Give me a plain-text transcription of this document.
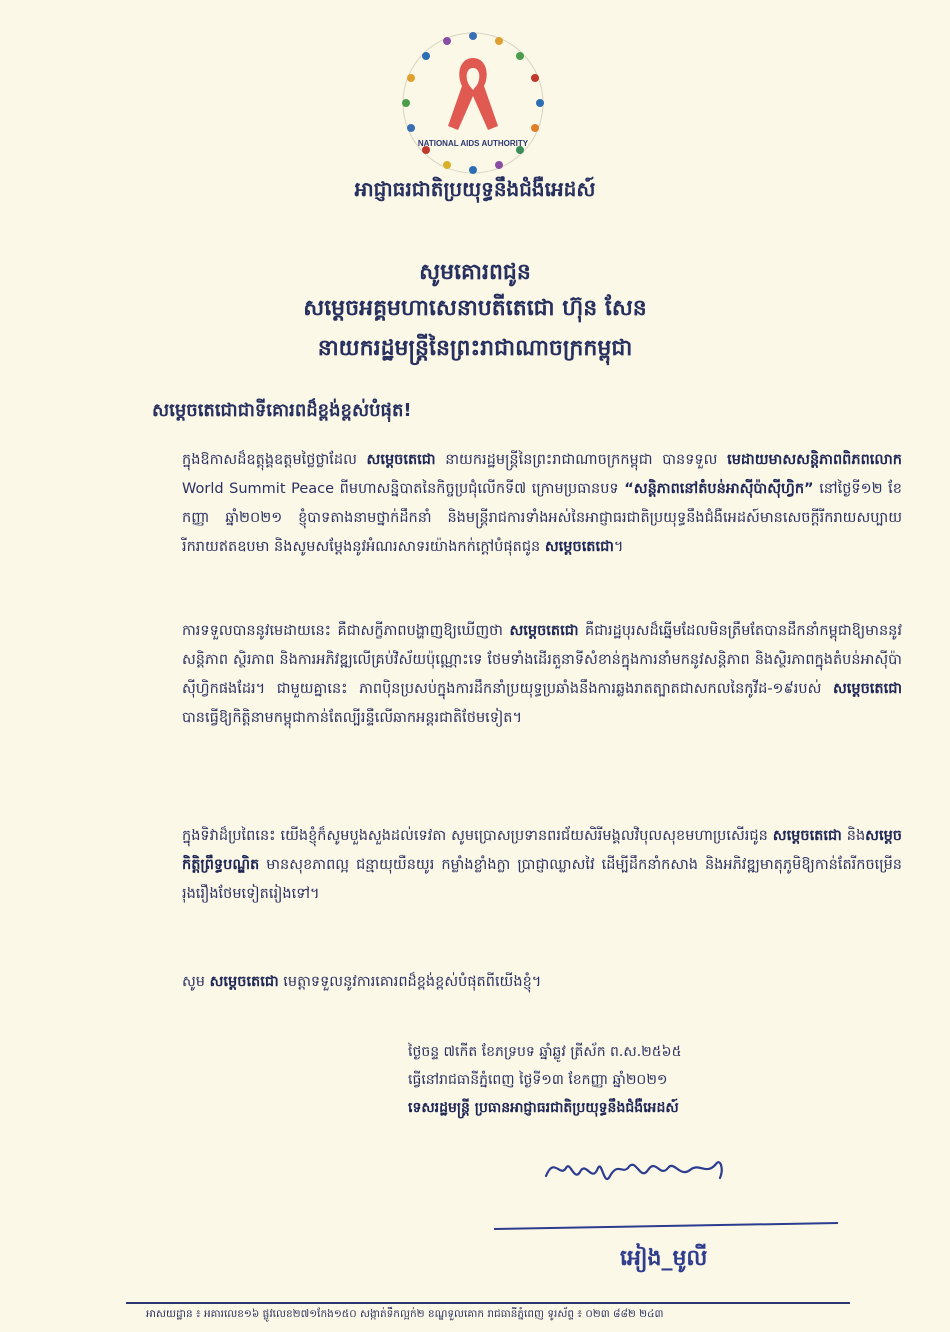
NATIONAL AIDS AUTHORITY
អាជ្ញាធរជាតិប្រយុទ្ធនឹងជំងឺអេដស៍
សូមគោរពជូន
សម្តេចអគ្គមហាសេនាបតីតេជោ ហ៊ុន សែន
នាយករដ្ឋមន្ត្រីនៃព្រះរាជាណាចក្រកម្ពុជា
សម្តេចតេជោជាទីគោរពដ៏ខ្ពង់ខ្ពស់បំផុត!
ក្នុងឱកាសដ៏ឧត្តុង្គឧត្តមថ្លៃថ្លាដែល សម្តេចតេជោ នាយករដ្ឋមន្ត្រីនៃព្រះរាជាណាចក្រកម្ពុជា បានទទួល មេដាយមាសសន្តិភាពពិភពលោក World Summit Peace ពីមហាសន្និបាតនៃកិច្ចប្រជុំលើកទី៧ ក្រោមប្រធានបទ “សន្តិភាពនៅតំបន់អាស៊ីប៉ាស៊ីហ្វិក” នៅថ្ងៃទី១២ ខែកញ្ញា ឆ្នាំ២០២១ ខ្ញុំបាទតាងនាមថ្នាក់ដឹកនាំ និងមន្ត្រីរាជការទាំងអស់នៃអាជ្ញាធរជាតិប្រយុទ្ធនឹងជំងឺអេដស៍មានសេចក្តីរីករាយសប្បាយរីករាយឥតឧបមា និងសូមសម្តែងនូវអំណរសាទរយ៉ាងកក់ក្តៅបំផុតជូន សម្តេចតេជោ។
ការទទួលបាននូវមេដាយនេះ គឺជាសក្ខីភាពបង្ហាញឱ្យឃើញថា សម្តេចតេជោ គឺជារដ្ឋបុរសដ៏ឆ្នើមដែលមិនត្រឹមតែបានដឹកនាំកម្ពុជាឱ្យមាននូវសន្តិភាព ស្ថិរភាព និងការអភិវឌ្ឍលើគ្រប់វិស័យប៉ុណ្ណោះទេ ថែមទាំងដើរតួនាទីសំខាន់ក្នុងការនាំមកនូវសន្តិភាព និងស្ថិរភាពក្នុងតំបន់អាស៊ីប៉ាស៊ីហ្វិកផងដែរ។ ជាមួយគ្នានេះ ភាពប៉ិនប្រសប់ក្នុងការដឹកនាំប្រយុទ្ធប្រឆាំងនឹងការឆ្លងរាតត្បាតជាសកលនៃកូវីដ-១៩របស់ សម្តេចតេជោ បានធ្វើឱ្យកិត្តិនាមកម្ពុជាកាន់តែល្បីរន្ទឺលើឆាកអន្តរជាតិថែមទៀត។
ក្នុងទិវាដ៏ប្រពៃនេះ យើងខ្ញុំក៏សូមបួងសួងដល់ទេវតា សូមប្រោសប្រទានពរជ័យសិរីមង្គលវិបុលសុខមហាប្រសើរជូន សម្តេចតេជោ និងសម្តេចកិត្តិព្រឹទ្ធបណ្ឌិត មានសុខភាពល្អ ជន្មាយុយឺនយូរ កម្លាំងខ្លាំងក្លា ប្រាជ្ញាឈ្លាសវៃ ដើម្បីដឹកនាំកសាង និងអភិវឌ្ឍមាតុភូមិឱ្យកាន់តែរីកចម្រើនរុងរឿងថែមទៀតរៀងទៅ។
សូម សម្តេចតេជោ មេត្តាទទួលនូវការគោរពដ៏ខ្ពង់ខ្ពស់បំផុតពីយើងខ្ញុំ។
ថ្ងៃចន្ទ ៧កើត ខែភទ្របទ ឆ្នាំឆ្លូវ ត្រីស័ក ព.ស.២៥៦៥
ធ្វើនៅរាជធានីភ្នំពេញ ថ្ងៃទី១៣ ខែកញ្ញា ឆ្នាំ២០២១
ទេសរដ្ឋមន្ត្រី ប្រធានអាជ្ញាធរជាតិប្រយុទ្ធនឹងជំងឺអេដស៍
អៀង_មូលី
អាសយដ្ឋាន ៖ អគារលេខ១៦ ផ្លូវលេខ២៧១កែង១៥០ សង្កាត់ទឹកល្អក់២ ខណ្ឌទួលគោក រាជធានីភ្នំពេញ ទូរស័ព្ទ ៖ ០២៣ ៨៨២ ២៤៣
